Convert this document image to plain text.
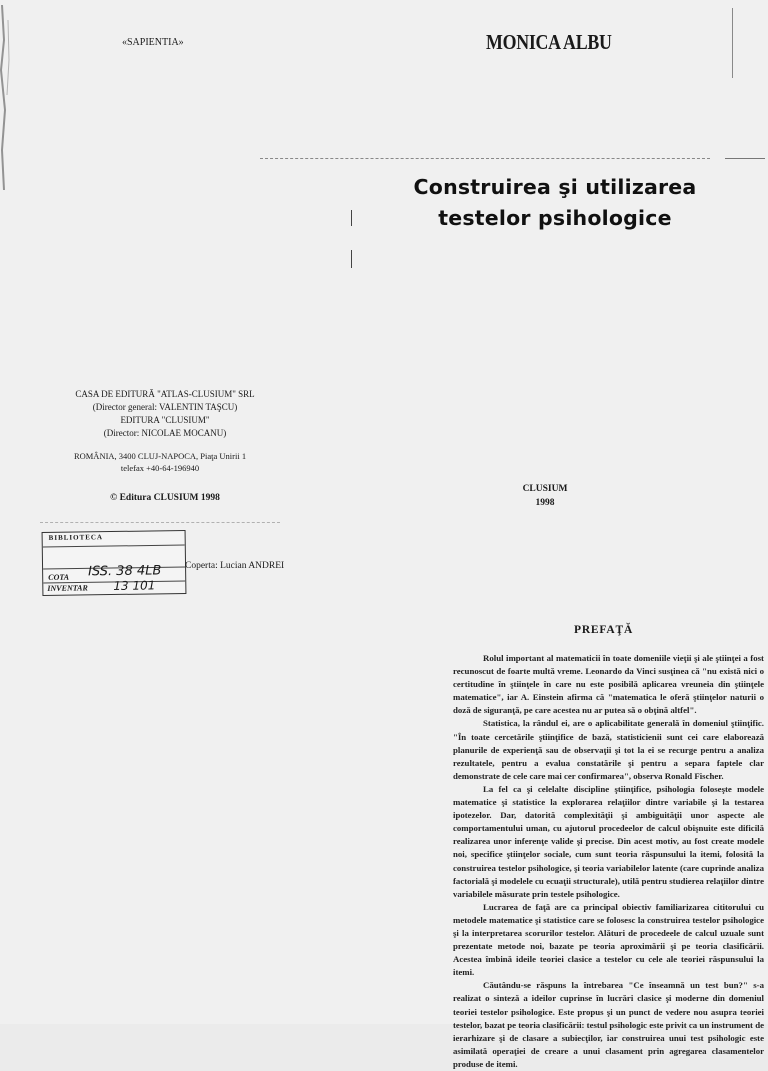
«SAPIENTIA»	MONICA ALBU

Construirea şi utilizarea

testelor psihologice

CASA DE EDITURĂ "ATLAS-CLUSIUM" SRL

(Director general: VALENTIN TAŞCU)

EDITURA "CLUSIUM"

(Director: NICOLAE MOCANU)

ROMÂNIA, 3400 CLUJ-NAPOCA, Piaţa Unirii 1

telefax +40-64-196940

© Editura CLUSIUM 1998

CLUSIUM

1998

BIBLIOTECA
COTA ISS. 38 4LB
INVENTAR 13 101
Coperta: Lucian ANDREI
PREFAŢĂ

Rolul important al matematicii în toate domeniile vieţii şi ale ştiinţei a fost recunoscut de foarte multă vreme. Leonardo da Vinci susţinea că "nu există nici o certitudine în ştiinţele în care nu este posibilă aplicarea vreuneia din ştiinţele matematice", iar A. Einstein afirma că "matematica le oferă ştiinţelor naturii o doză de siguranţă, pe care acestea nu ar putea să o obţină altfel".

Statistica, la rândul ei, are o aplicabilitate generală în domeniul ştiinţific. "În toate cercetările ştiinţifice de bază, statisticienii sunt cei care elaborează planurile de experienţă sau de observaţii şi tot la ei se recurge pentru a analiza rezultatele, pentru a evalua constatările şi pentru a separa faptele clar demonstrate de cele care mai cer confirmarea", observa Ronald Fischer.

La fel ca şi celelalte discipline ştiinţifice, psihologia foloseşte modele matematice şi statistice la explorarea relaţiilor dintre variabile şi la testarea ipotezelor. Dar, datorită complexităţii şi ambiguităţii unor aspecte ale comportamentului uman, cu ajutorul procedeelor de calcul obişnuite este dificilă realizarea unor inferenţe valide şi precise. Din acest motiv, au fost create modele noi, specifice ştiinţelor sociale, cum sunt teoria răspunsului la itemi, folosită la construirea testelor psihologice, şi teoria variabilelor latente (care cuprinde analiza factorială şi modelele cu ecuaţii structurale), utilă pentru studierea relaţiilor dintre variabilele măsurate prin testele psihologice.

Lucrarea de faţă are ca principal obiectiv familiarizarea cititorului cu metodele matematice şi statistice care se folosesc la construirea testelor psihologice şi la interpretarea scorurilor testelor. Alături de procedeele de calcul uzuale sunt prezentate metode noi, bazate pe teoria aproximării şi pe teoria clasificării. Acestea îmbină ideile teoriei clasice a testelor cu cele ale teoriei răspunsului la itemi.

Căutându-se răspuns la întrebarea "Ce înseamnă un test bun?" s-a realizat o sinteză a ideilor cuprinse în lucrări clasice şi moderne din domeniul teoriei testelor psihologice. Este propus şi un punct de vedere nou asupra teoriei testelor, bazat pe teoria clasificării: testul psihologic este privit ca un instrument de ierarhizare şi de clasare a subiecţilor, iar construirea unui test psihologic este asimilată operaţiei de creare a unui clasament prin agregarea clasamentelor produse de itemi.
